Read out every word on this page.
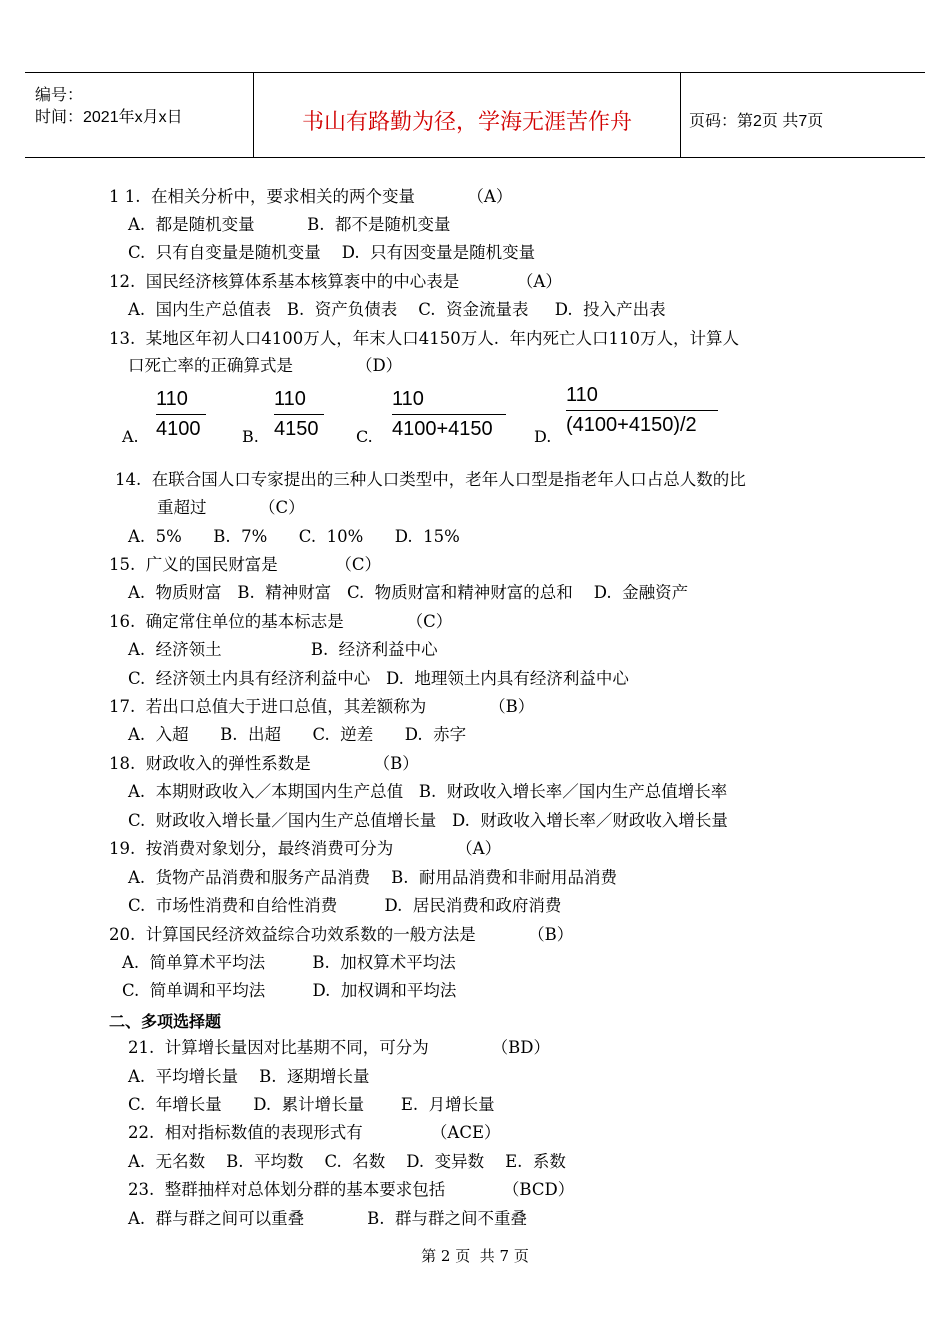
编号：
时间：2021年x月x日	书山有路勤为径，学海无涯苦作舟	页码：第2页 共7页
1 1.  在相关分析中，要求相关的两个变量          （A）
A.  都是随机变量          B.  都不是随机变量
C.  只有自变量是随机变量    D.  只有因变量是随机变量
12.  国民经济核算体系基本核算袠中的中心表是           （A）
A.  国内生产总值表   B.  资产负债表    C.  资金流量表     D.  投入产出表
13.  某地区年初人口4100万人，年末人口4150万人.  年内死亡人口110万人，计算人
口死亡率的正确算式是            （D）
A.
110
4100	B.
110
4150 C.
110
4100+4150	D.
110
(4100+4150)/2
14.  在联合国人口专家提出的三种人口类型中，老年人口型是指老年人口占总人数的比
重超过          （C）
A.  5%      B.  7%      C.  10%      D.  15%
15.  广义的国民财富是           （C）
A.  物质财富   B.  精神财富   C.  物质财富和精神财富的总和    D.  金融资产
16.  确定常住单位的基本标志是            （C）
A.  经济领土                 B.  经济利益中心
C.  经济领土内具有经济利益中心   D.  地理领土内具有经济利益中心
17.  若出口总值大于进口总值，其差额称为            （B）
A.  入超      B.  出超      C.  逆差      D.  赤字
18.  财政收入的弹性系数是            （B）
A.  本期财政收入／本期国内生产总值   B.  财政收入增长率／国内生产总值增长率
C.  财政收入增长量／国内生产总值增长量   D.  财政收入增长率／财政收入增长量
19.  按消费对象划分，最终消费可分为            （A）
A.  货物产品消费和服务产品消费    B.  耐用品消费和非耐用品消费
C.  市场性消费和自给性消费         D.  居民消费和政府消费
20.  计算国民经济效益综合功效系数的一般方法是          （B）
A.  简单算术平均法         B.  加权算术平均法
C.  简单调和平均法         D.  加权调和平均法
二、多项选择题
21.  计算增长量因对比基期不同，可分为            （BD）
A.  平均增长量    B.  逐期增长量
C.  年增长量      D.  累计增长量       E.  月增长量
22.  相对指标数值的表现形式有             （ACE）
A.  无名数    B.  平均数    C.  名数    D.  变异数    E.  系数
23.  整群抽样对总体划分群的基本要求包括           （BCD）
A.  群与群之间可以重叠            B.  群与群之间不重叠
第 2 页  共 7 页
